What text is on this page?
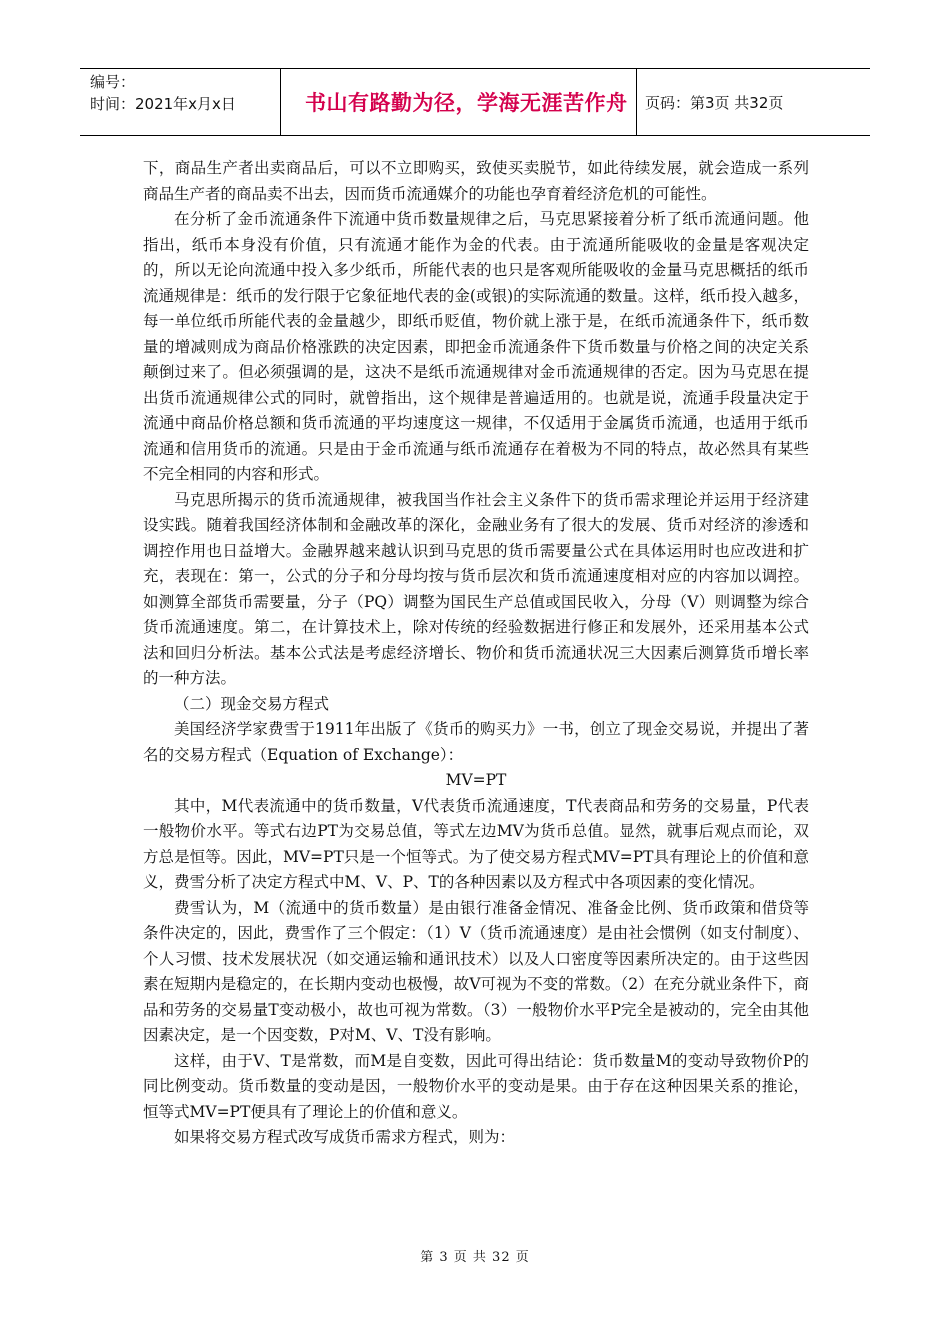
编号：
时间：2021年x月x日	书山有路勤为径，学海无涯苦作舟	页码：第3页 共32页

下，商品生产者出卖商品后，可以不立即购买，致使买卖脱节，如此待续发展，就会造成一系列商品生产者的商品卖不出去，因而货币流通媒介的功能也孕育着经济危机的可能性。

在分析了金币流通条件下流通中货币数量规律之后，马克思紧接着分析了纸币流通问题。他指出，纸币本身没有价值，只有流通才能作为金的代表。由于流通所能吸收的金量是客观决定的，所以无论向流通中投入多少纸币，所能代表的也只是客观所能吸收的金量马克思概括的纸币流通规律是：纸币的发行限于它象征地代表的金(或银)的实际流通的数量。这样，纸币投入越多，每一单位纸币所能代表的金量越少，即纸币贬值，物价就上涨于是，在纸币流通条件下，纸币数量的增减则成为商品价格涨跌的决定因素，即把金币流通条件下货币数量与价格之间的决定关系颠倒过来了。但必须强调的是，这决不是纸币流通规律对金币流通规律的否定。因为马克思在提出货币流通规律公式的同时，就曾指出，这个规律是普遍适用的。也就是说，流通手段量决定于流通中商品价格总额和货币流通的平均速度这一规律，不仅适用于金属货币流通，也适用于纸币流通和信用货币的流通。只是由于金币流通与纸币流通存在着极为不同的特点，故必然具有某些不完全相同的内容和形式。

马克思所揭示的货币流通规律，被我国当作社会主义条件下的货币需求理论并运用于经济建设实践。随着我国经济体制和金融改革的深化，金融业务有了很大的发展、货币对经济的渗透和调控作用也日益增大。金融界越来越认识到马克思的货币需要量公式在具体运用时也应改进和扩充，表现在：第一，公式的分子和分母均按与货币层次和货币流通速度相对应的内容加以调控。如测算全部货币需要量，分子（PQ）调整为国民生产总值或国民收入，分母（V）则调整为综合货币流通速度。第二，在计算技术上，除对传统的经验数据进行修正和发展外，还采用基本公式法和回归分析法。基本公式法是考虑经济增长、物价和货币流通状况三大因素后测算货币增长率的一种方法。

（二）现金交易方程式

美国经济学家费雪于1911年出版了《货币的购买力》一书，创立了现金交易说，并提出了著名的交易方程式（Equation of Exchange）：

MV=PT

其中，M代表流通中的货币数量，V代表货币流通速度，T代表商品和劳务的交易量，P代表一般物价水平。等式右边PT为交易总值，等式左边MV为货币总值。显然，就事后观点而论，双方总是恒等。因此，MV=PT只是一个恒等式。为了使交易方程式MV=PT具有理论上的价值和意义，费雪分析了决定方程式中M、V、P、T的各种因素以及方程式中各项因素的变化情况。

费雪认为，M（流通中的货币数量）是由银行准备金情况、准备金比例、货币政策和借贷等条件决定的，因此，费雪作了三个假定：（1）V（货币流通速度）是由社会惯例（如支付制度）、个人习惯、技术发展状况（如交通运输和通讯技术）以及人口密度等因素所决定的。由于这些因素在短期内是稳定的，在长期内变动也极慢，故V可视为不变的常数。（2）在充分就业条件下，商品和劳务的交易量T变动极小，故也可视为常数。（3）一般物价水平P完全是被动的，完全由其他因素决定，是一个因变数，P对M、V、T没有影响。

这样，由于V、T是常数，而M是自变数，因此可得出结论：货币数量M的变动导致物价P的同比例变动。货币数量的变动是因，一般物价水平的变动是果。由于存在这种因果关系的推论，恒等式MV=PT便具有了理论上的价值和意义。

如果将交易方程式改写成货币需求方程式，则为：

第 3 页 共 32 页
